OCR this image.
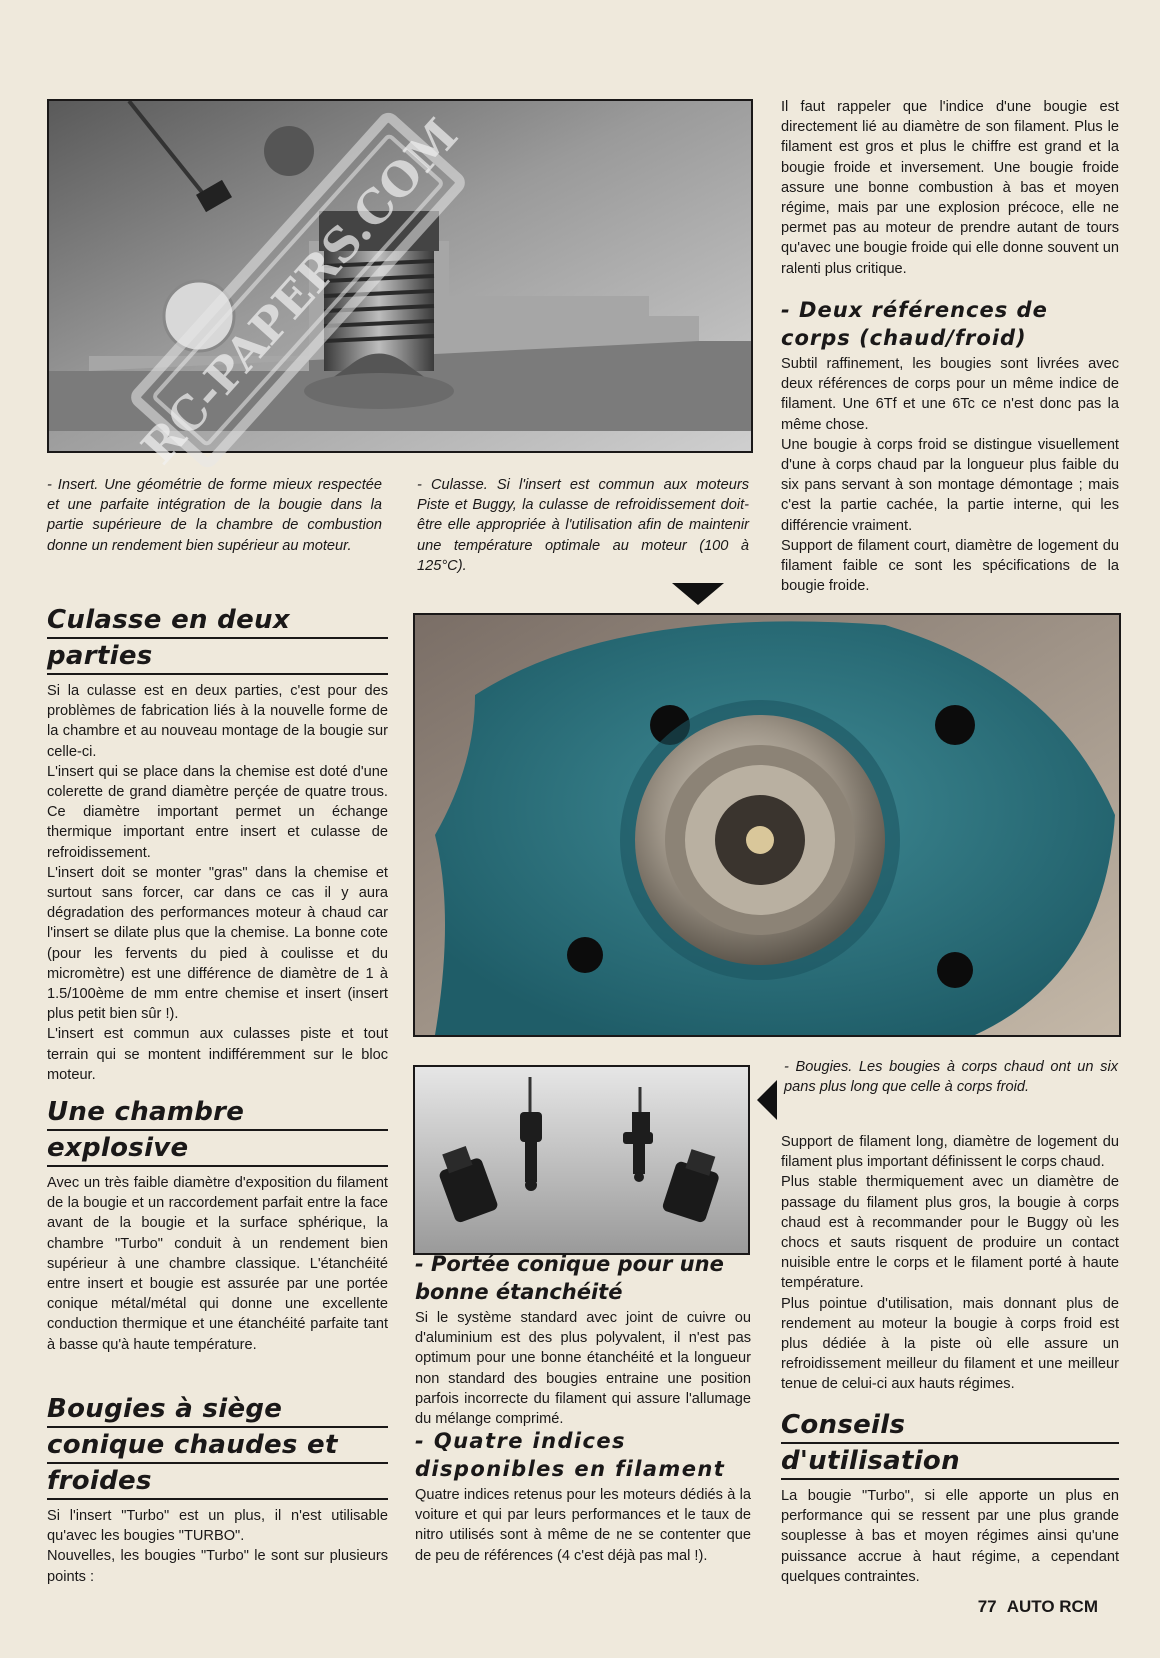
RC-PAPERS.COM
- Insert. Une géométrie de forme mieux respectée et une parfaite intégration de la bougie dans la partie supérieure de la chambre de combustion donne un rendement bien supérieur au moteur.
- Culasse. Si l'insert est commun aux moteurs Piste et Buggy, la culasse de refroidissement doit-être elle appropriée à l'utilisation afin de maintenir une température optimale au moteur (100 à 125°C).
Culasse en deux
parties

Si la culasse est en deux parties, c'est pour des problèmes de fabrication liés à la nouvelle forme de la chambre et au nouveau montage de la bougie sur celle-ci.

L'insert qui se place dans la chemise est doté d'une colerette de grand diamètre perçée de quatre trous. Ce diamètre important permet un échange thermique important entre insert et culasse de refroidissement.

L'insert doit se monter "gras" dans la chemise et surtout sans forcer, car dans ce cas il y aura dégradation des performances moteur à chaud car l'insert se dilate plus que la chemise. La bonne cote (pour les fervents du pied à coulisse et du micromètre) est une différence de diamètre de 1 à 1.5/100ème de mm entre chemise et insert (insert plus petit bien sûr !).

L'insert est commun aux culasses piste et tout terrain qui se montent indifféremment sur le bloc moteur.

Une chambre
explosive

Avec un très faible diamètre d'exposition du filament de la bougie et un raccordement parfait entre la face avant de la bougie et la surface sphérique, la chambre "Turbo" conduit à un rendement bien supérieur à une chambre classique. L'étanchéité entre insert et bougie est assurée par une portée conique métal/métal qui donne une excellente conduction thermique et une étanchéité parfaite tant à basse qu'à haute température.

Bougies à siège
conique chaudes et
froides

Si l'insert "Turbo" est un plus, il n'est utilisable qu'avec les bougies "TURBO".

Nouvelles, les bougies "Turbo" le sont sur plusieurs points :

- Portée conique pour une bonne étanchéité

Si le système standard avec joint de cuivre ou d'aluminium est des plus polyvalent, il n'est pas optimum pour une bonne étanchéité et la longueur non standard des bougies entraine une position parfois incorrecte du filament qui assure l'allumage du mélange comprimé.

- Quatre indices disponibles en filament

Quatre indices retenus pour les moteurs dédiés à la voiture et qui par leurs performances et le taux de nitro utilisés sont à même de ne se contenter que de peu de références (4 c'est déjà pas mal !).

Il faut rappeler que l'indice d'une bougie est directement lié au diamètre de son filament. Plus le filament est gros et plus le chiffre est grand et la bougie froide et inversement. Une bougie froide assure une bonne combustion à bas et moyen régime, mais par une explosion précoce, elle ne permet pas au moteur de prendre autant de tours qu'avec une bougie froide qui elle donne souvent un ralenti plus critique.

- Deux références de corps (chaud/froid)

Subtil raffinement, les bougies sont livrées avec deux références de corps pour un même indice de filament. Une 6Tf et une 6Tc ce n'est donc pas la même chose.

Une bougie à corps froid se distingue visuellement d'une à corps chaud par la longueur plus faible du six pans servant à son montage démontage ; mais c'est la partie cachée, la partie interne, qui les différencie vraiment.

Support de filament court, diamètre de logement du filament faible ce sont les spécifications de la bougie froide.

- Bougies. Les bougies à corps chaud ont un six pans plus long que celle à corps froid.

Support de filament long, diamètre de logement du filament plus important définissent le corps chaud.

Plus stable thermiquement avec un diamètre de passage du filament plus gros, la bougie à corps chaud est à recommander pour le Buggy où les chocs et sauts risquent de produire un contact nuisible entre le corps et le filament porté à haute température.

Plus pointue d'utilisation, mais donnant plus de rendement au moteur la bougie à corps froid est plus dédiée à la piste où elle assure un refroidissement meilleur du filament et une meilleur tenue de celui-ci aux hauts régimes.

Conseils
d'utilisation

La bougie "Turbo", si elle apporte un plus en performance qui se ressent par une plus grande souplesse à bas et moyen régimes ainsi qu'une puissance accrue à haut régime, a cependant quelques contraintes.

77 AUTO RCM
